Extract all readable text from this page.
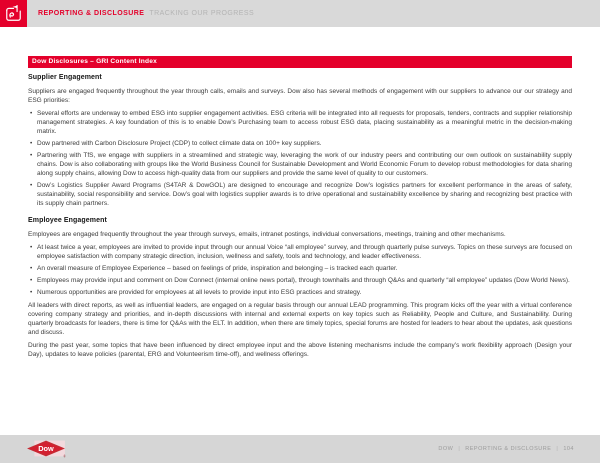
REPORTING & DISCLOSURE TRACKING OUR PROGRESS
Dow Disclosures – GRI Content Index
Supplier Engagement

Suppliers are engaged frequently throughout the year through calls, emails and surveys. Dow also has several methods of engagement with our suppliers to advance our our strategy and ESG priorities:

• Several efforts are underway to embed ESG into supplier engagement activities. ESG criteria will be integrated into all requests for proposals, tenders, contracts and supplier relationship management strategies. A key foundation of this is to enable Dow’s Purchasing team to access robust ESG data, placing sustainability as a meaningful metric in the decision-making matrix.
• Dow partnered with Carbon Disclosure Project (CDP) to collect climate data on 100+ key suppliers.
• Partnering with TfS, we engage with suppliers in a streamlined and strategic way, leveraging the work of our industry peers and contributing our own outlook on sustainability supply chains. Dow is also collaborating with groups like the World Business Council for Sustainable Development and World Economic Forum to develop robust methodologies for data sharing along supply chains, allowing Dow to access high-quality data from our suppliers and provide the same level of quality to our customers.
• Dow’s Logistics Supplier Award Programs (S4TAR & DowGOL) are designed to encourage and recognize Dow’s logistics partners for excellent performance in the areas of safety, sustainability, social responsibility and service. Dow’s goal with logistics supplier awards is to drive operational and sustainability excellence by sharing and recognizing best practice with its supply chain partners.
Employee Engagement

Employees are engaged frequently throughout the year through surveys, emails, intranet postings, individual conversations, meetings, training and other mechanisms.

• At least twice a year, employees are invited to provide input through our annual Voice “all employee” survey, and through quarterly pulse surveys. Topics on these surveys are focused on employee satisfaction with company strategic direction, inclusion, wellness and safety, tools and technology, and leader effectiveness.
• An overall measure of Employee Experience – based on feelings of pride, inspiration and belonging – is tracked each quarter.
• Employees may provide input and comment on Dow Connect (internal online news portal), through townhalls and through Q&As and quarterly “all employee” updates (Dow World News).
• Numerous opportunities are provided for employees at all levels to provide input into ESG practices and strategy.

All leaders with direct reports, as well as influential leaders, are engaged on a regular basis through our annual LEAD programming. This program kicks off the year with a virtual conference covering company strategy and priorities, and in-depth discussions with internal and external experts on key topics such as Reliability, People and Culture, and Sustainability. During quarterly broadcasts for leaders, there is time for Q&As with the ELT. In addition, when there are timely topics, special forums are hosted for leaders to hear about the updates, ask questions and discuss.

During the past year, some topics that have been influenced by direct employee input and the above listening mechanisms include the company’s work flexibility approach (Design your Day), updates to leave policies (parental, ERG and Volunteerism time-off), and wellness offerings.

Dow
®
DOW | REPORTING & DISCLOSURE | 104
